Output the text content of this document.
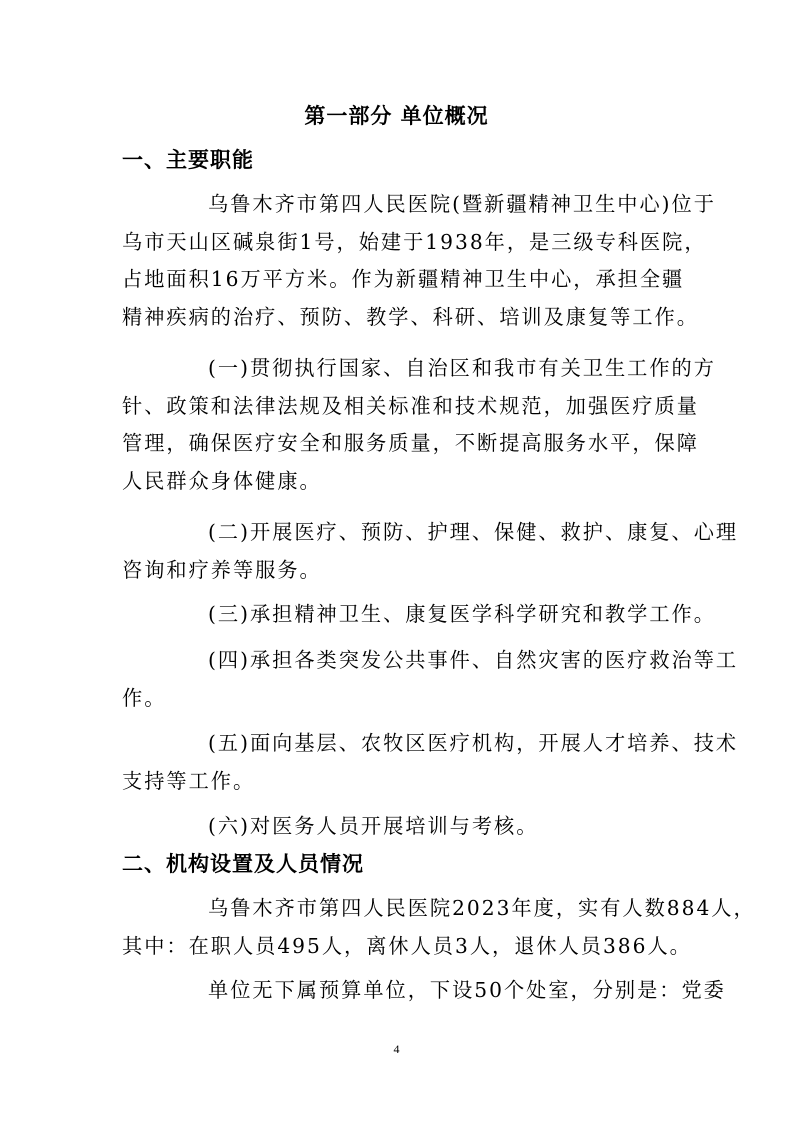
第一部分 单位概况
一、主要职能
乌鲁木齐市第四人民医院(暨新疆精神卫生中心)位于
乌市天山区碱泉街1号，始建于1938年，是三级专科医院，
占地面积16万平方米。作为新疆精神卫生中心，承担全疆
精神疾病的治疗、预防、教学、科研、培训及康复等工作。
(一)贯彻执行国家、自治区和我市有关卫生工作的方
针、政策和法律法规及相关标准和技术规范，加强医疗质量
管理，确保医疗安全和服务质量，不断提高服务水平，保障
人民群众身体健康。
(二)开展医疗、预防、护理、保健、救护、康复、心理
咨询和疗养等服务。
(三)承担精神卫生、康复医学科学研究和教学工作。
(四)承担各类突发公共事件、自然灾害的医疗救治等工
作。
(五)面向基层、农牧区医疗机构，开展人才培养、技术
支持等工作。
(六)对医务人员开展培训与考核。
二、机构设置及人员情况
乌鲁木齐市第四人民医院2023年度，实有人数884人，
其中：在职人员495人，离休人员3人，退休人员386人。
单位无下属预算单位，下设50个处室，分别是：党委
4
